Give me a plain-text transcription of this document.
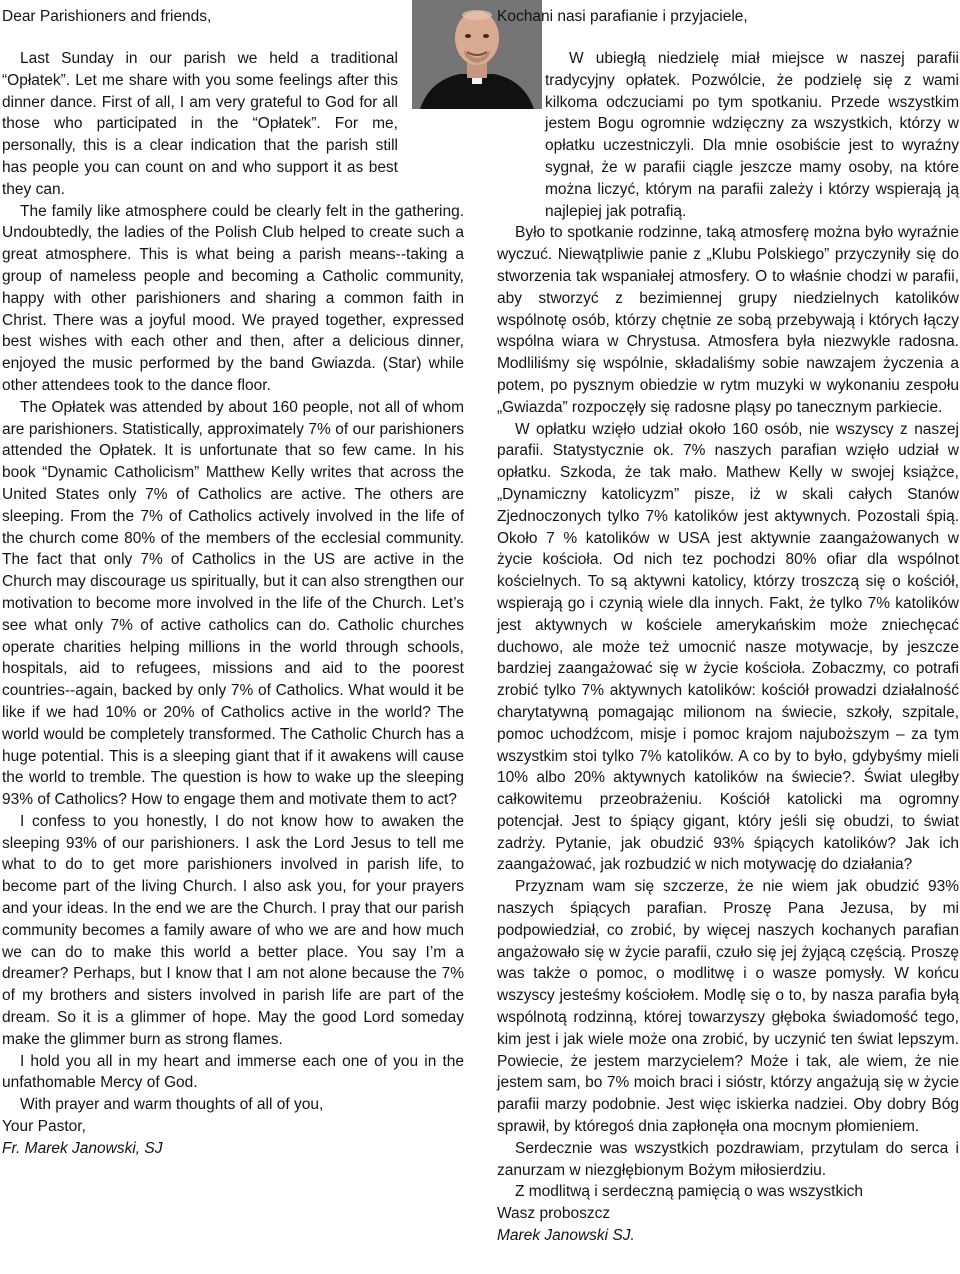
Dear Parishioners and friends,

Last Sunday in our parish we held a traditional “Opłatek”. Let me share with you some feelings after this dinner dance. First of all, I am very grateful to God for all those who participated in the “Opłatek”. For me, personally, this is a clear indication that the parish still has people you can count on and who support it as best they can.

The family like atmosphere could be clearly felt in the gathering. Undoubtedly, the ladies of the Polish Club helped to create such a great atmosphere. This is what being a parish means--taking a group of nameless people and becoming a Catholic community, happy with other parishioners and sharing a common faith in Christ. There was a joyful mood. We prayed together, expressed best wishes with each other and then, after a delicious dinner, enjoyed the music performed by the band Gwiazda. (Star) while other attendees took to the dance floor.

The Opłatek was attended by about 160 people, not all of whom are parishioners. Statistically, approximately 7% of our parishioners attended the Opłatek. It is unfortunate that so few came. In his book “Dynamic Catholicism” Matthew Kelly writes that across the United States only 7% of Catholics are active. The others are sleeping. From the 7% of Catholics actively involved in the life of the church come 80% of the members of the ecclesial community. The fact that only 7% of Catholics in the US are active in the Church may discourage us spiritually, but it can also strengthen our motivation to become more involved in the life of the Church. Let’s see what only 7% of active catholics can do. Catholic churches operate charities helping millions in the world through schools, hospitals, aid to refugees, missions and aid to the poorest countries--again, backed by only 7% of Catholics. What would it be like if we had 10% or 20% of Catholics active in the world? The world would be completely transformed. The Catholic Church has a huge potential. This is a sleeping giant that if it awakens will cause the world to tremble. The question is how to wake up the sleeping 93% of Catholics? How to engage them and motivate them to act?

I confess to you honestly, I do not know how to awaken the sleeping 93% of our parishioners. I ask the Lord Jesus to tell me what to do to get more parishioners involved in parish life, to become part of the living Church. I also ask you, for your prayers and your ideas. In the end we are the Church. I pray that our parish community becomes a family aware of who we are and how much we can do to make this world a better place. You say I’m a dreamer? Perhaps, but I know that I am not alone because the 7% of my brothers and sisters involved in parish life are part of the dream. So it is a glimmer of hope. May the good Lord someday make the glimmer burn as strong flames.

I hold you all in my heart and immerse each one of you in the unfathomable Mercy of God.

With prayer and warm thoughts of all of you,

Your Pastor,

Fr. Marek Janowski, SJ

Kochani nasi parafianie i przyjaciele,

W ubiegłą niedzielę miał miejsce w naszej parafii tradycyjny opłatek. Pozwólcie, że podzielę się z wami kilkoma odczuciami po tym spotkaniu. Przede wszystkim jestem Bogu ogromnie wdzięczny za wszystkich, którzy w opłatku uczestniczyli. Dla mnie osobiście jest to wyraźny sygnał, że w parafii ciągle jeszcze mamy osoby, na które można liczyć, którym na parafii zależy i którzy wspierają ją najlepiej jak potrafią.

Było to spotkanie rodzinne, taką atmosferę można było wyraźnie wyczuć. Niewątpliwie panie z „Klubu Polskiego” przyczyniły się do stworzenia tak wspaniałej atmosfery. O to właśnie chodzi w parafii, aby stworzyć z bezimiennej grupy niedzielnych katolików wspólnotę osób, którzy chętnie ze sobą przebywają i których łączy wspólna wiara w Chrystusa. Atmosfera była niezwykle radosna. Modliliśmy się wspólnie, składaliśmy sobie nawzajem życzenia a potem, po pysznym obiedzie w rytm muzyki w wykonaniu zespołu „Gwiazda” rozpoczęły się radosne pląsy po tanecznym parkiecie.

W opłatku wzięło udział około 160 osób, nie wszyscy z naszej parafii. Statystycznie ok. 7% naszych parafian wzięło udział w opłatku. Szkoda, że tak mało. Mathew Kelly w swojej książce, „Dynamiczny katolicyzm” pisze, iż w skali całych Stanów Zjednoczonych tylko 7% katolików jest aktywnych. Pozostali śpią. Około 7 % katolików w USA jest aktywnie zaangażowanych w życie kościoła. Od nich tez pochodzi 80% ofiar dla wspólnot kościelnych. To są aktywni katolicy, którzy troszczą się o kościół, wspierają go i czynią wiele dla innych. Fakt, że tylko 7% katolików jest aktywnych w kościele amerykańskim może zniechęcać duchowo, ale może też umocnić nasze motywacje, by jeszcze bardziej zaangażować się w życie kościoła. Zobaczmy, co potrafi zrobić tylko 7% aktywnych katolików: kościół prowadzi działalność charytatywną pomagając milionom na świecie, szkoły, szpitale, pomoc uchodźcom, misje i pomoc krajom najuboższym – za tym wszystkim stoi tylko 7% katolików. A co by to było, gdybyśmy mieli 10% albo 20% aktywnych katolików na świecie?. Świat uległby całkowitemu przeobrażeniu. Kościół katolicki ma ogromny potencjał. Jest to śpiący gigant, który jeśli się obudzi, to świat zadrży. Pytanie, jak obudzić 93% śpiących katolików? Jak ich zaangażować, jak rozbudzić w nich motywację do działania?

Przyznam wam się szczerze, że nie wiem jak obudzić 93% naszych śpiących parafian. Proszę Pana Jezusa, by mi podpowiedział, co zrobić, by więcej naszych kochanych parafian angażowało się w życie parafii, czuło się jej żyjącą częścią. Proszę was także o pomoc, o modlitwę i o wasze pomysły. W końcu wszyscy jesteśmy kościołem. Modlę się o to, by nasza parafia byłą wspólnotą rodzinną, której towarzyszy głęboka świadomość tego, kim jest i jak wiele może ona zrobić, by uczynić ten świat lepszym. Powiecie, że jestem marzycielem? Może i tak, ale wiem, że nie jestem sam, bo 7% moich braci i sióstr, którzy angażują się w życie parafii marzy podobnie. Jest więc iskierka nadziei. Oby dobry Bóg sprawił, by któregoś dnia zapłonęła ona mocnym płomieniem.

Serdecznie was wszystkich pozdrawiam, przytulam do serca i zanurzam w niezgłębionym Bożym miłosierdziu.

Z modlitwą i serdeczną pamięcią o was wszystkich

Wasz proboszcz

Marek Janowski SJ.
